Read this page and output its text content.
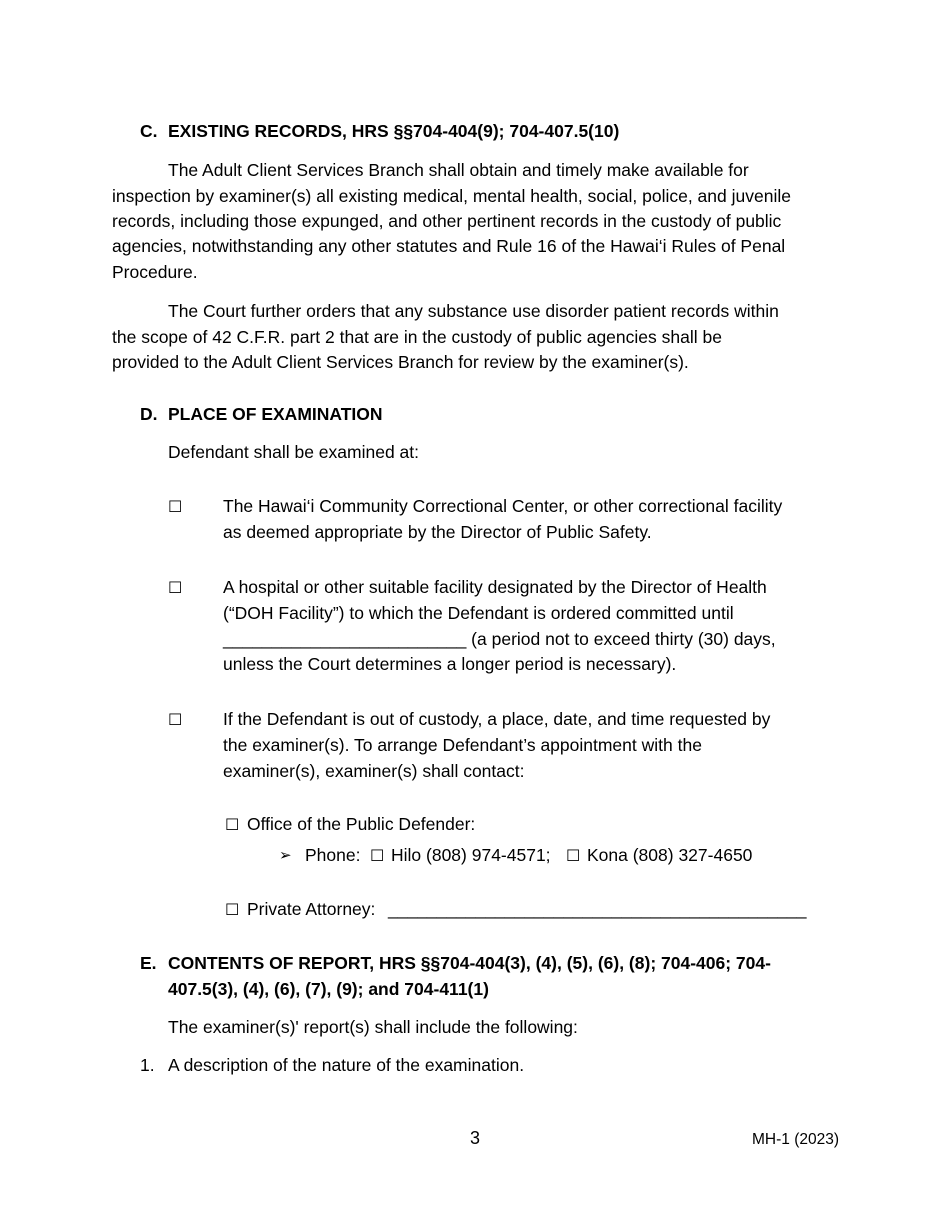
C. EXISTING RECORDS, HRS §§704-404(9); 704-407.5(10)
The Adult Client Services Branch shall obtain and timely make available for
inspection by examiner(s) all existing medical, mental health, social, police, and juvenile
records, including those expunged, and other pertinent records in the custody of public
agencies, notwithstanding any other statutes and Rule 16 of the Hawai‘i Rules of Penal
Procedure.
The Court further orders that any substance use disorder patient records within
the scope of 42 C.F.R. part 2 that are in the custody of public agencies shall be
provided to the Adult Client Services Branch for review by the examiner(s).
D. PLACE OF EXAMINATION
Defendant shall be examined at:
☐ The Hawai‘i Community Correctional Center, or other correctional facility
as deemed appropriate by the Director of Public Safety.
☐ A hospital or other suitable facility designated by the Director of Health
(“DOH Facility”) to which the Defendant is ordered committed until
_________________________ (a period not to exceed thirty (30) days,
unless the Court determines a longer period is necessary).
☐ If the Defendant is out of custody, a place, date, and time requested by
the examiner(s). To arrange Defendant’s appointment with the
examiner(s), examiner(s) shall contact:
☐ Office of the Public Defender:
➢ Phone: ☐ Hilo (808) 974-4571; ☐ Kona (808) 327-4650
☐ Private Attorney: ___________________________________________
E. CONTENTS OF REPORT, HRS §§704-404(3), (4), (5), (6), (8); 704-406; 704-
407.5(3), (4), (6), (7), (9); and 704-411(1)
The examiner(s)' report(s) shall include the following:
1. A description of the nature of the examination.
3	MH-1 (2023)
